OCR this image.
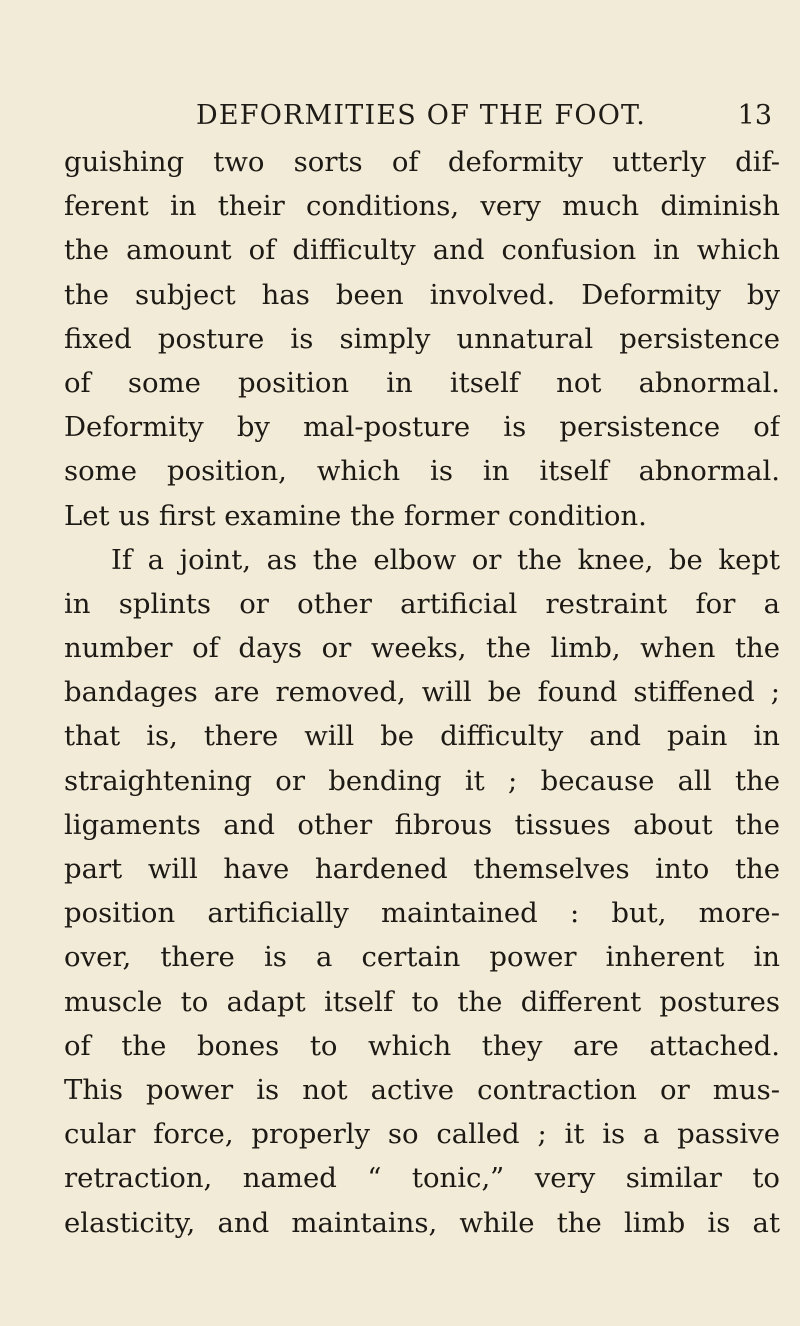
DEFORMITIES OF THE FOOT.	13
guishing two sorts of deformity utterly dif-
ferent in their conditions, very much diminish
the amount of difficulty and confusion in which
the subject has been involved. Deformity by
fixed posture is simply unnatural persistence
of some position in itself not abnormal.
Deformity by mal-posture is persistence of
some position, which is in itself abnormal.
Let us first examine the former condition.
If a joint, as the elbow or the knee, be kept
in splints or other artificial restraint for a
number of days or weeks, the limb, when the
bandages are removed, will be found stiffened ;
that is, there will be difficulty and pain in
straightening or bending it ; because all the
ligaments and other fibrous tissues about the
part will have hardened themselves into the
position artificially maintained : but, more-
over, there is a certain power inherent in
muscle to adapt itself to the different postures
of the bones to which they are attached.
This power is not active contraction or mus-
cular force, properly so called ; it is a passive
retraction, named “ tonic,” very similar to
elasticity, and maintains, while the limb is at
